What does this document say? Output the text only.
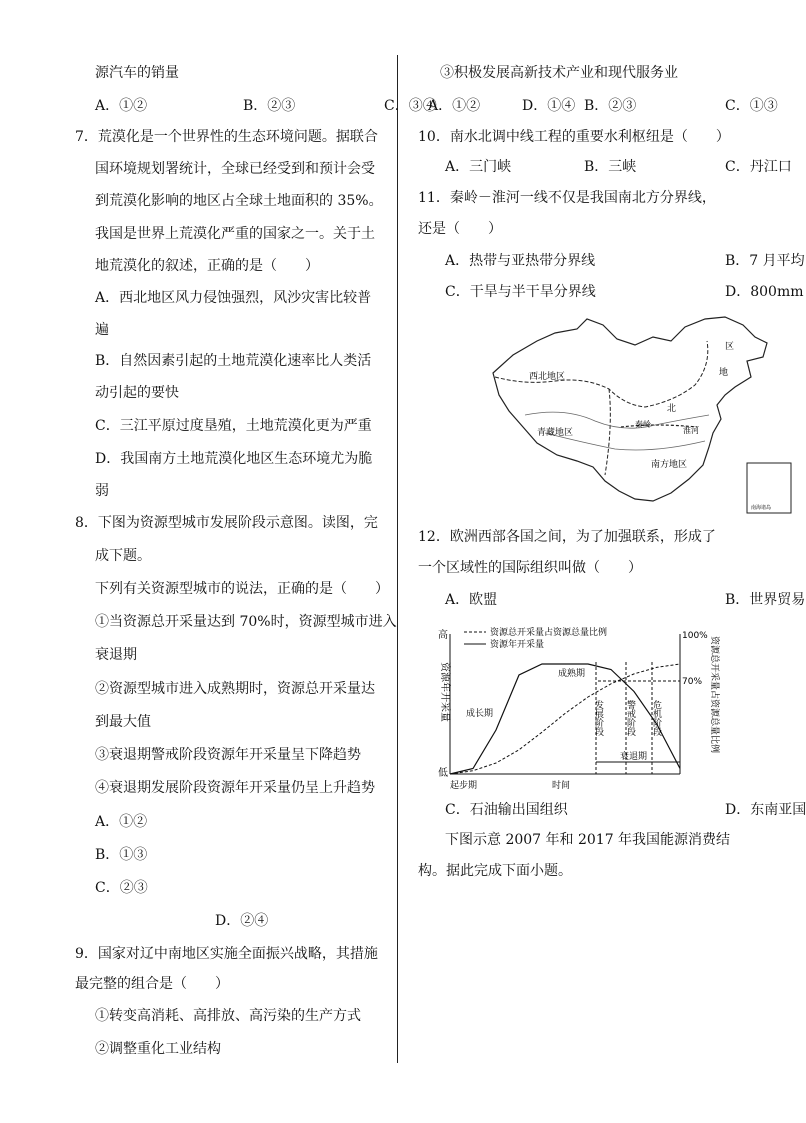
源汽车的销量
A．①②	B．②③	C．③④
7．荒漠化是一个世界性的生态环境问题。据联合
国环境规划署统计，全球已经受到和预计会受
到荒漠化影响的地区占全球土地面积的 35%。
我国是世界上荒漠化严重的国家之一。关于土
地荒漠化的叙述，正确的是（　　）
A．西北地区风力侵蚀强烈，风沙灾害比较普
遍
B．自然因素引起的土地荒漠化速率比人类活
动引起的要快
C．三江平原过度垦殖，土地荒漠化更为严重
D．我国南方土地荒漠化地区生态环境尤为脆
弱
8．下图为资源型城市发展阶段示意图。读图，完
成下题。
下列有关资源型城市的说法，正确的是（　　）
①当资源总开采量达到 70%时，资源型城市进入
衰退期
②资源型城市进入成熟期时，资源总开采量达
到最大值
③衰退期警戒阶段资源年开采量呈下降趋势
④衰退期发展阶段资源年开采量仍呈上升趋势
A．①②
B．①③
C．②③
D．②④
9．国家对辽中南地区实施全面振兴战略，其措施
最完整的组合是（　　）
①转变高消耗、高排放、高污染的生产方式
②调整重化工业结构
③积极发展高新技术产业和现代服务业
A．①②	D．①④ B．②③	C．①③
10．南水北调中线工程的重要水利枢纽是（　　）
A．三门峡	B．三峡	C．丹江口
11．秦岭－淮河一线不仅是我国南北方分界线，
还是（　　）
A．热带与亚热带分界线	B．7 月平均
C．干旱与半干旱分界线	D．800mm
区
西北地区	地
北
秦岭
淮河
青藏地区
南方地区
南海诸岛
12．欧洲西部各国之间，为了加强联系，形成了
一个区域性的国际组织叫做（　　）
A．欧盟	B．世界贸易
资源总开采量占资源总量比例
资源年开采量
高
低
资源年开采量	资源总开采量占资源总量比例
100%
70%
成长期
成熟期
发展阶段 警戒阶段 危机阶段
衰退期
起步期	时间
C．石油输出国组织	D．东南亚国
下图示意 2007 年和 2017 年我国能源消费结
构。据此完成下面小题。
